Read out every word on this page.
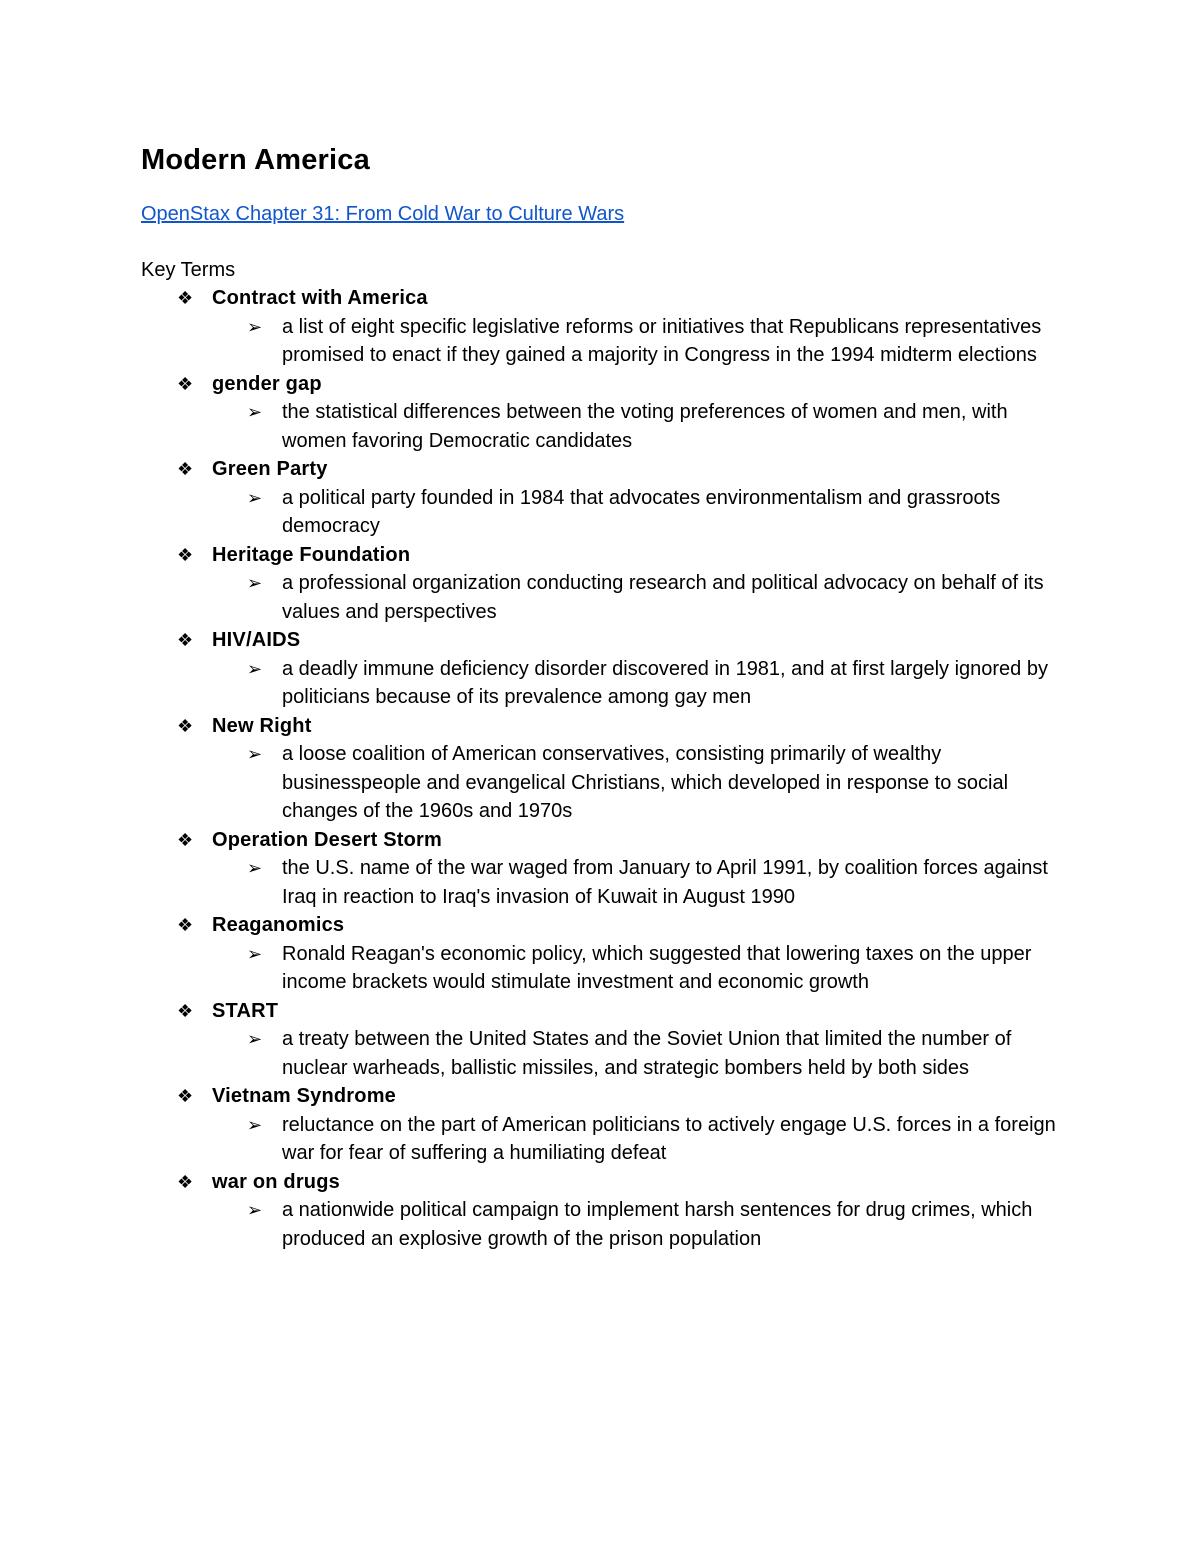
Modern America
OpenStax Chapter 31: From Cold War to Culture Wars
Key Terms
❖ Contract with America
➢ a list of eight specific legislative reforms or initiatives that Republicans representatives promised to enact if they gained a majority in Congress in the 1994 midterm elections
❖ gender gap
➢ the statistical differences between the voting preferences of women and men, with women favoring Democratic candidates
❖ Green Party
➢ a political party founded in 1984 that advocates environmentalism and grassroots democracy
❖ Heritage Foundation
➢ a professional organization conducting research and political advocacy on behalf of its values and perspectives
❖ HIV/AIDS
➢ a deadly immune deficiency disorder discovered in 1981, and at first largely ignored by politicians because of its prevalence among gay men
❖ New Right
➢ a loose coalition of American conservatives, consisting primarily of wealthy businesspeople and evangelical Christians, which developed in response to social changes of the 1960s and 1970s
❖ Operation Desert Storm
➢ the U.S. name of the war waged from January to April 1991, by coalition forces against Iraq in reaction to Iraq's invasion of Kuwait in August 1990
❖ Reaganomics
➢ Ronald Reagan's economic policy, which suggested that lowering taxes on the upper income brackets would stimulate investment and economic growth
❖ START
➢ a treaty between the United States and the Soviet Union that limited the number of nuclear warheads, ballistic missiles, and strategic bombers held by both sides
❖ Vietnam Syndrome
➢ reluctance on the part of American politicians to actively engage U.S. forces in a foreign war for fear of suffering a humiliating defeat
❖ war on drugs
➢ a nationwide political campaign to implement harsh sentences for drug crimes, which produced an explosive growth of the prison population
